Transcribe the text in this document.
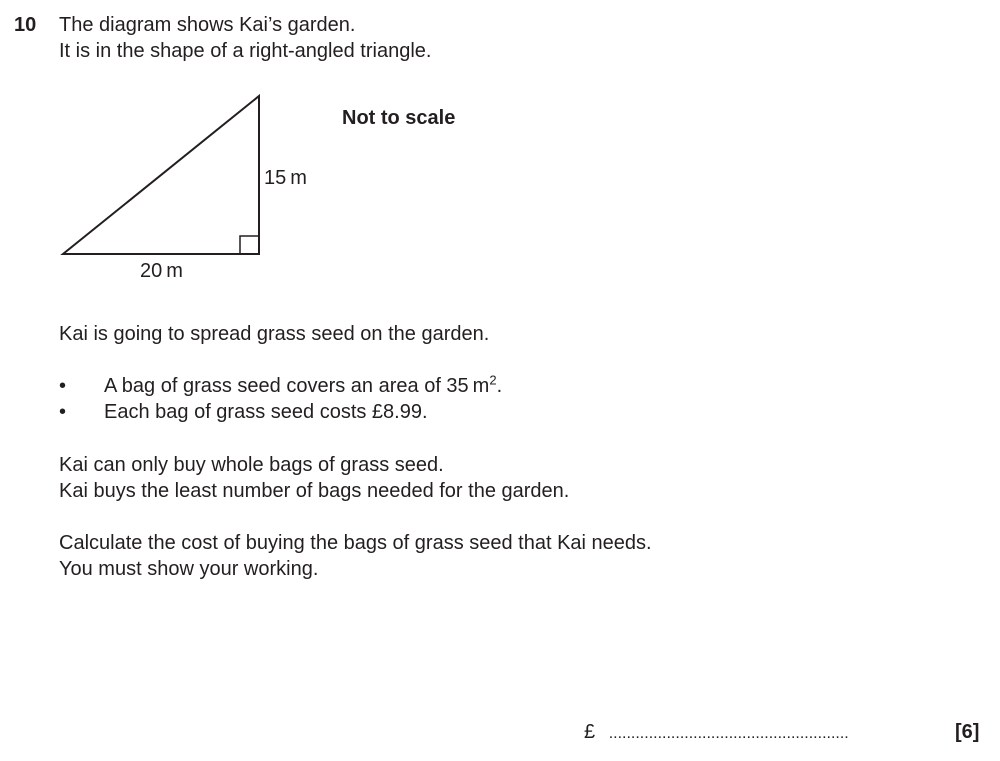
10 The diagram shows Kai’s garden.
It is in the shape of a right-angled triangle.
Not to scale
15 m
20 m
Kai is going to spread grass seed on the garden.
• A bag of grass seed covers an area of 35 $m^2$.
• Each bag of grass seed costs £8.99.
Kai can only buy whole bags of grass seed.
Kai buys the least number of bags needed for the garden.
Calculate the cost of buying the bags of grass seed that Kai needs.
You must show your working.
£ ......................................................	[6]
